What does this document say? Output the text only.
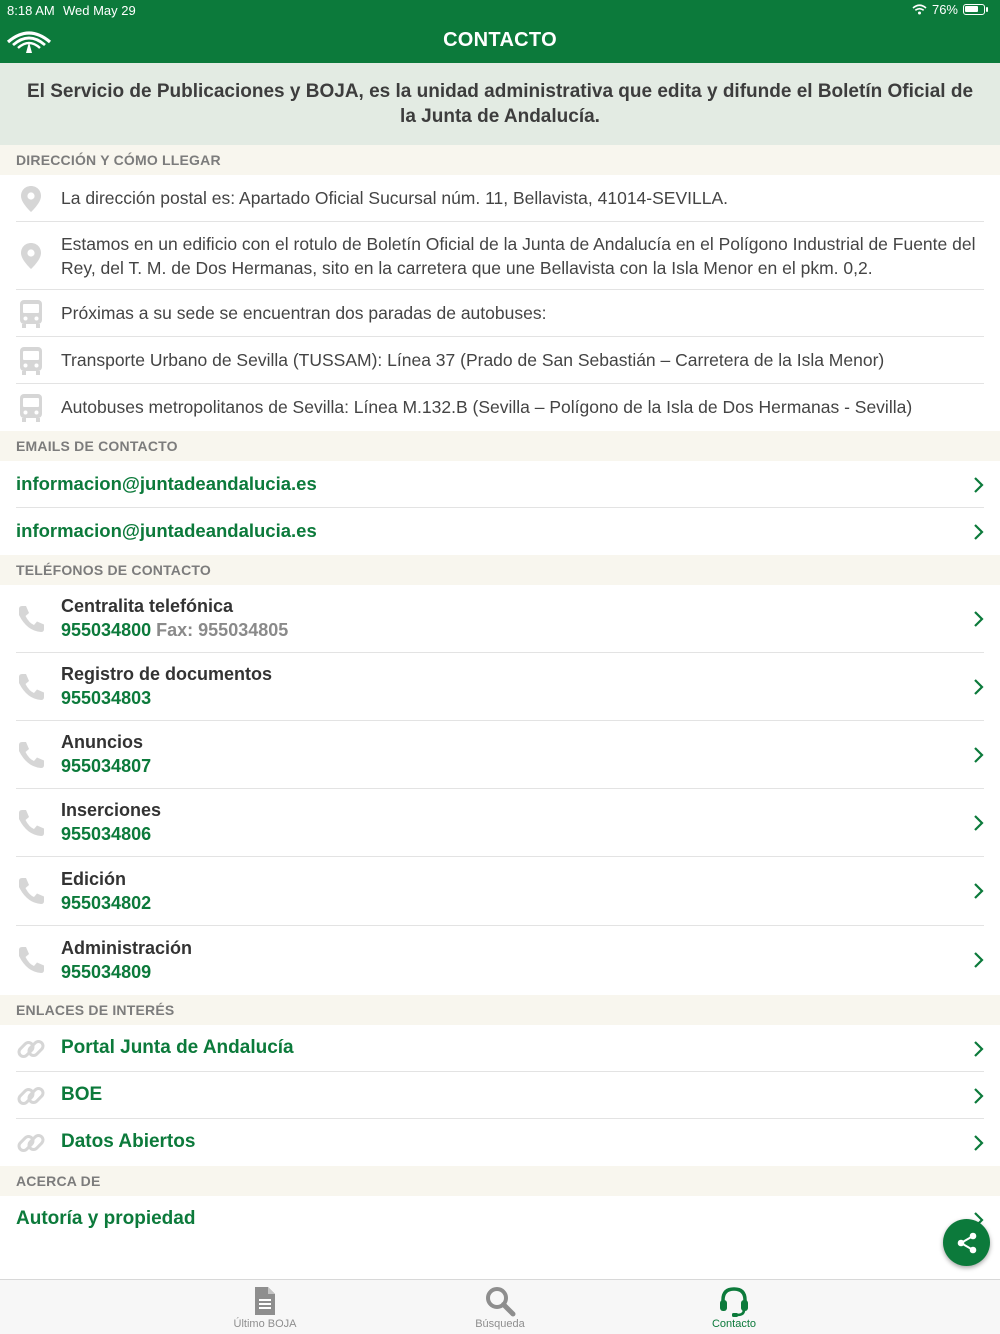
8:18 AM Wed May 29	76%
CONTACTO
El Servicio de Publicaciones y BOJA, es la unidad administrativa que edita y difunde el Boletín Oficial de la Junta de Andalucía.
DIRECCIÓN Y CÓMO LLEGAR
La dirección postal es: Apartado Oficial Sucursal núm. 11, Bellavista, 41014-SEVILLA.
Estamos en un edificio con el rotulo de Boletín Oficial de la Junta de Andalucía en el Polígono Industrial de Fuente del Rey, del T. M. de Dos Hermanas, sito en la carretera que une Bellavista con la Isla Menor en el pkm. 0,2.
Próximas a su sede se encuentran dos paradas de autobuses:
Transporte Urbano de Sevilla (TUSSAM): Línea 37 (Prado de San Sebastián – Carretera de la Isla Menor)
Autobuses metropolitanos de Sevilla: Línea M.132.B (Sevilla – Polígono de la Isla de Dos Hermanas - Sevilla)
EMAILS DE CONTACTO
informacion@juntadeandalucia.es
informacion@juntadeandalucia.es
TELÉFONOS DE CONTACTO
Centralita telefónica
955034800 Fax: 955034805
Registro de documentos
955034803
Anuncios
955034807
Inserciones
955034806
Edición
955034802
Administración
955034809
ENLACES DE INTERÉS
Portal Junta de Andalucía
BOE
Datos Abiertos
ACERCA DE
Autoría y propiedad
Último BOJA	Búsqueda	Contacto
